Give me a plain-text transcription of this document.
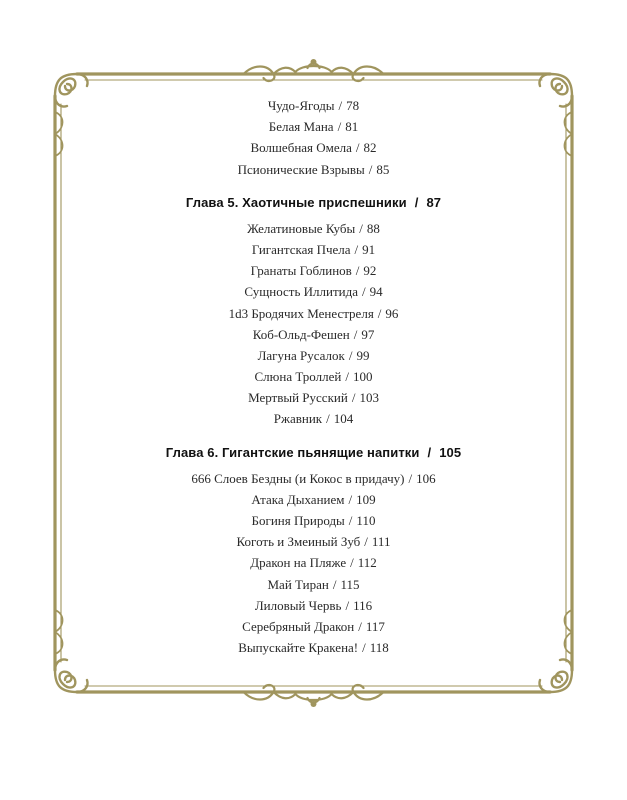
Чудо-Ягоды / 78
Белая Мана / 81
Волшебная Омела / 82
Псионические Взрывы / 85
Глава 5. Хаотичные приспешники / 87
Желатиновые Кубы / 88
Гигантская Пчела / 91
Гранаты Гоблинов / 92
Сущность Иллитида / 94
1d3 Бродячих Менестреля / 96
Коб-Ольд-Фешен / 97
Лагуна Русалок / 99
Слюна Троллей / 100
Мертвый Русский / 103
Ржавник / 104
Глава 6. Гигантские пьянящие напитки / 105
666 Слоев Бездны (и Кокос в придачу) / 106
Атака Дыханием / 109
Богиня Природы / 110
Коготь и Змеиный Зуб / 111
Дракон на Пляже / 112
Май Тиран / 115
Лиловый Червь / 116
Серебряный Дракон / 117
Выпускайте Кракена! / 118
